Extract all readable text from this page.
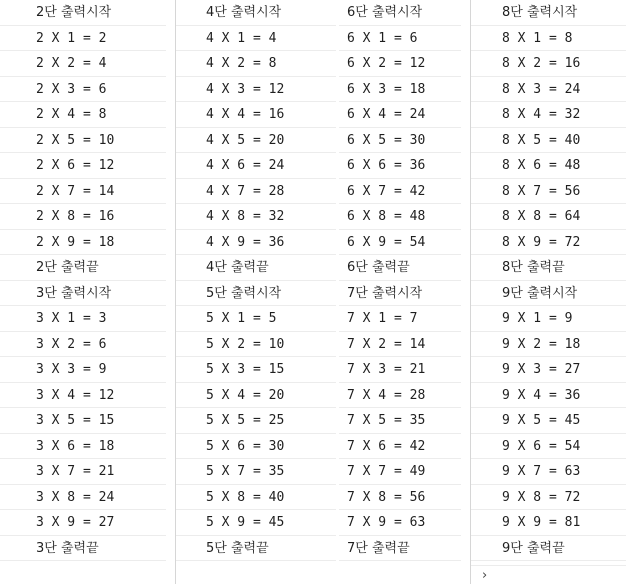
2단 출력시작
2 X 1 = 2
2 X 2 = 4
2 X 3 = 6
2 X 4 = 8
2 X 5 = 10
2 X 6 = 12
2 X 7 = 14
2 X 8 = 16
2 X 9 = 18
2단 출력끝
3단 출력시작
3 X 1 = 3
3 X 2 = 6
3 X 3 = 9
3 X 4 = 12
3 X 5 = 15
3 X 6 = 18
3 X 7 = 21
3 X 8 = 24
3 X 9 = 27
3단 출력끝
4단 출력시작
4 X 1 = 4
4 X 2 = 8
4 X 3 = 12
4 X 4 = 16
4 X 5 = 20
4 X 6 = 24
4 X 7 = 28
4 X 8 = 32
4 X 9 = 36
4단 출력끝
5단 출력시작
5 X 1 = 5
5 X 2 = 10
5 X 3 = 15
5 X 4 = 20
5 X 5 = 25
5 X 6 = 30
5 X 7 = 35
5 X 8 = 40
5 X 9 = 45
5단 출력끝
6단 출력시작
6 X 1 = 6
6 X 2 = 12
6 X 3 = 18
6 X 4 = 24
6 X 5 = 30
6 X 6 = 36
6 X 7 = 42
6 X 8 = 48
6 X 9 = 54
6단 출력끝
7단 출력시작
7 X 1 = 7
7 X 2 = 14
7 X 3 = 21
7 X 4 = 28
7 X 5 = 35
7 X 6 = 42
7 X 7 = 49
7 X 8 = 56
7 X 9 = 63
7단 출력끝
8단 출력시작
8 X 1 = 8
8 X 2 = 16
8 X 3 = 24
8 X 4 = 32
8 X 5 = 40
8 X 6 = 48
8 X 7 = 56
8 X 8 = 64
8 X 9 = 72
8단 출력끝
9단 출력시작
9 X 1 = 9
9 X 2 = 18
9 X 3 = 27
9 X 4 = 36
9 X 5 = 45
9 X 6 = 54
9 X 7 = 63
9 X 8 = 72
9 X 9 = 81
9단 출력끝
›
